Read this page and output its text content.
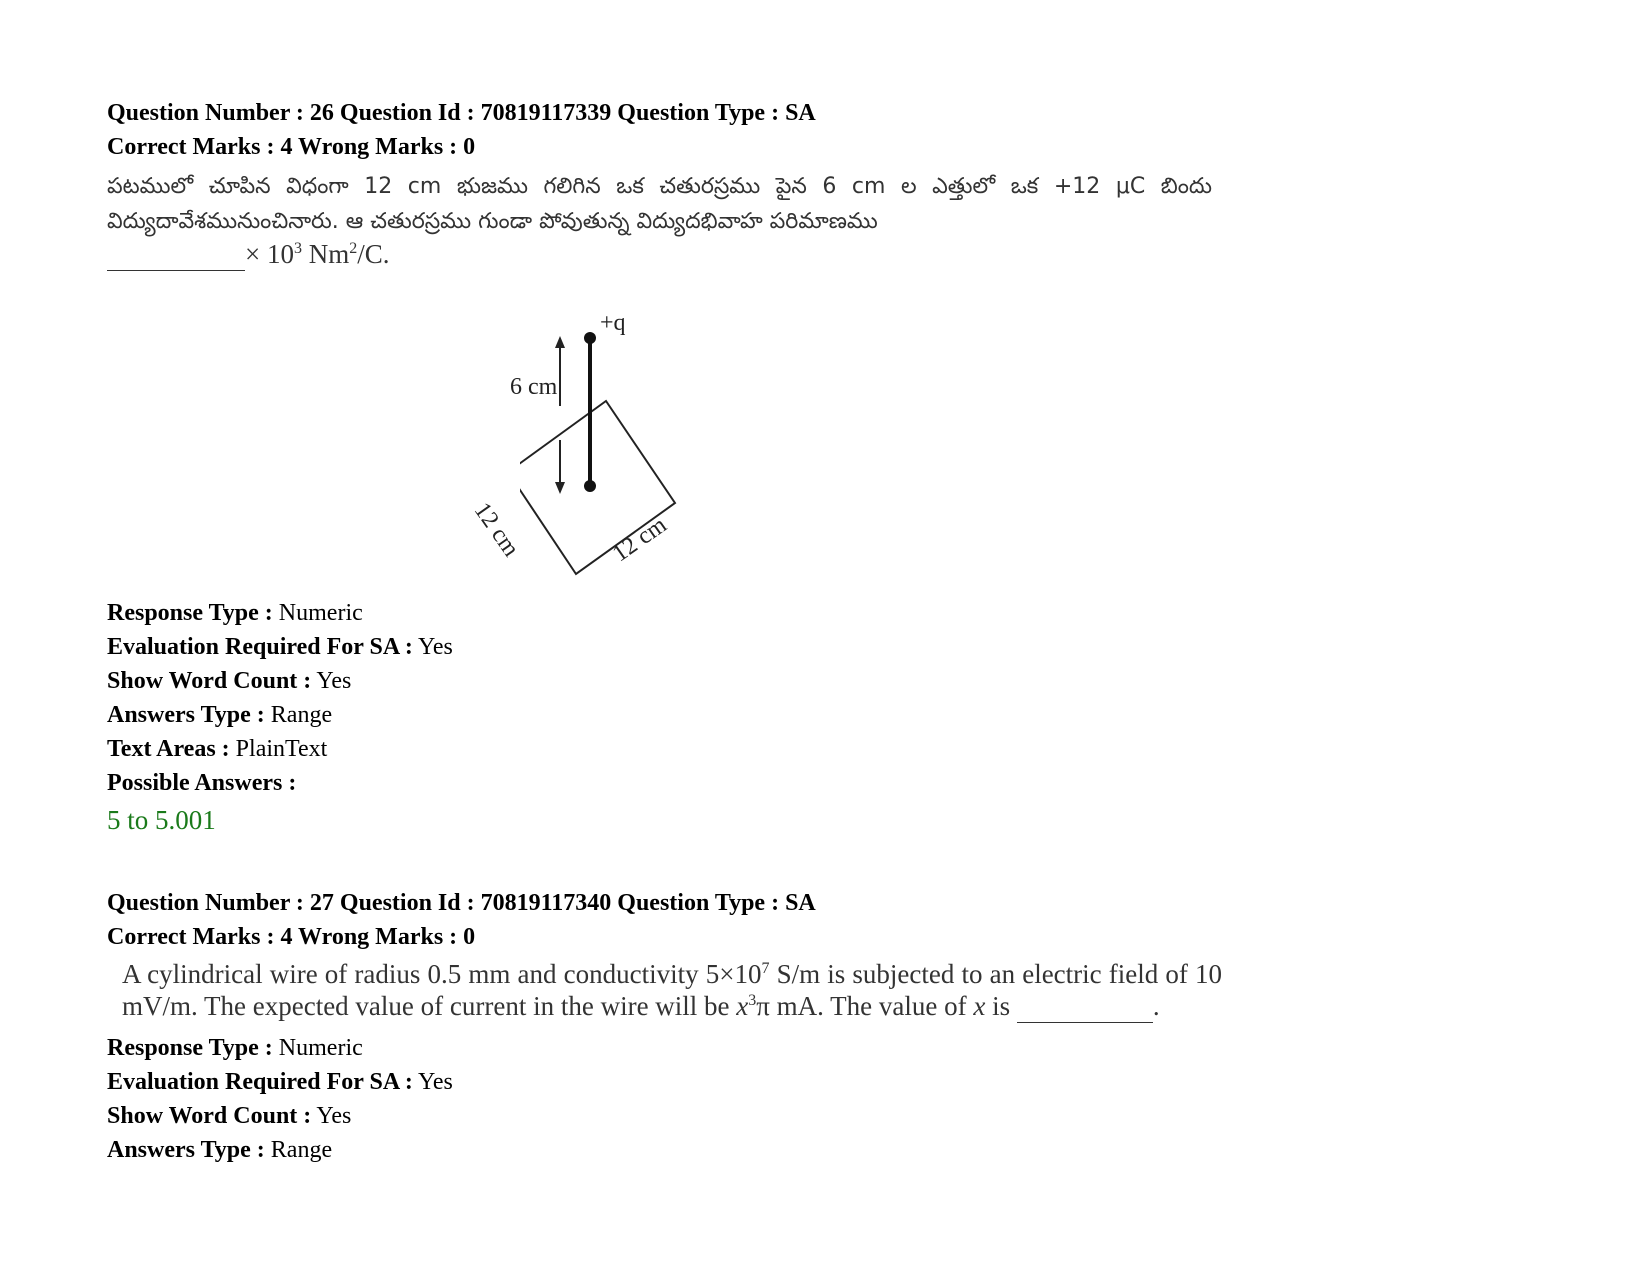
Question Number : 26 Question Id : 70819117339 Question Type : SA
Correct Marks : 4 Wrong Marks : 0
పటములో చూపిన విధంగా 12 cm భుజము గలిగిన ఒక చతురస్రము పైన 6 cm ల ఎత్తులో ఒక +12 μC బిందు విద్యుదావేశమునుంచినారు. ఆ చతురస్రము గుండా పోవుతున్న విద్యుదభివాహ పరిమాణము
× $10^3$ $Nm^2/C$.
+q
6 cm
12 cm	12 cm
Response Type : Numeric
Evaluation Required For SA : Yes
Show Word Count : Yes
Answers Type : Range
Text Areas : PlainText
Possible Answers :
5 to 5.001
Question Number : 27 Question Id : 70819117340 Question Type : SA
Correct Marks : 4 Wrong Marks : 0
A cylindrical wire of radius 0.5 mm and conductivity $5\times 10^7$ S/m is subjected to an electric field of 10 mV/m. The expected value of current in the wire will be $x^3\pi$ mA. The value of x is	.
Response Type : Numeric
Evaluation Required For SA : Yes
Show Word Count : Yes
Answers Type : Range
